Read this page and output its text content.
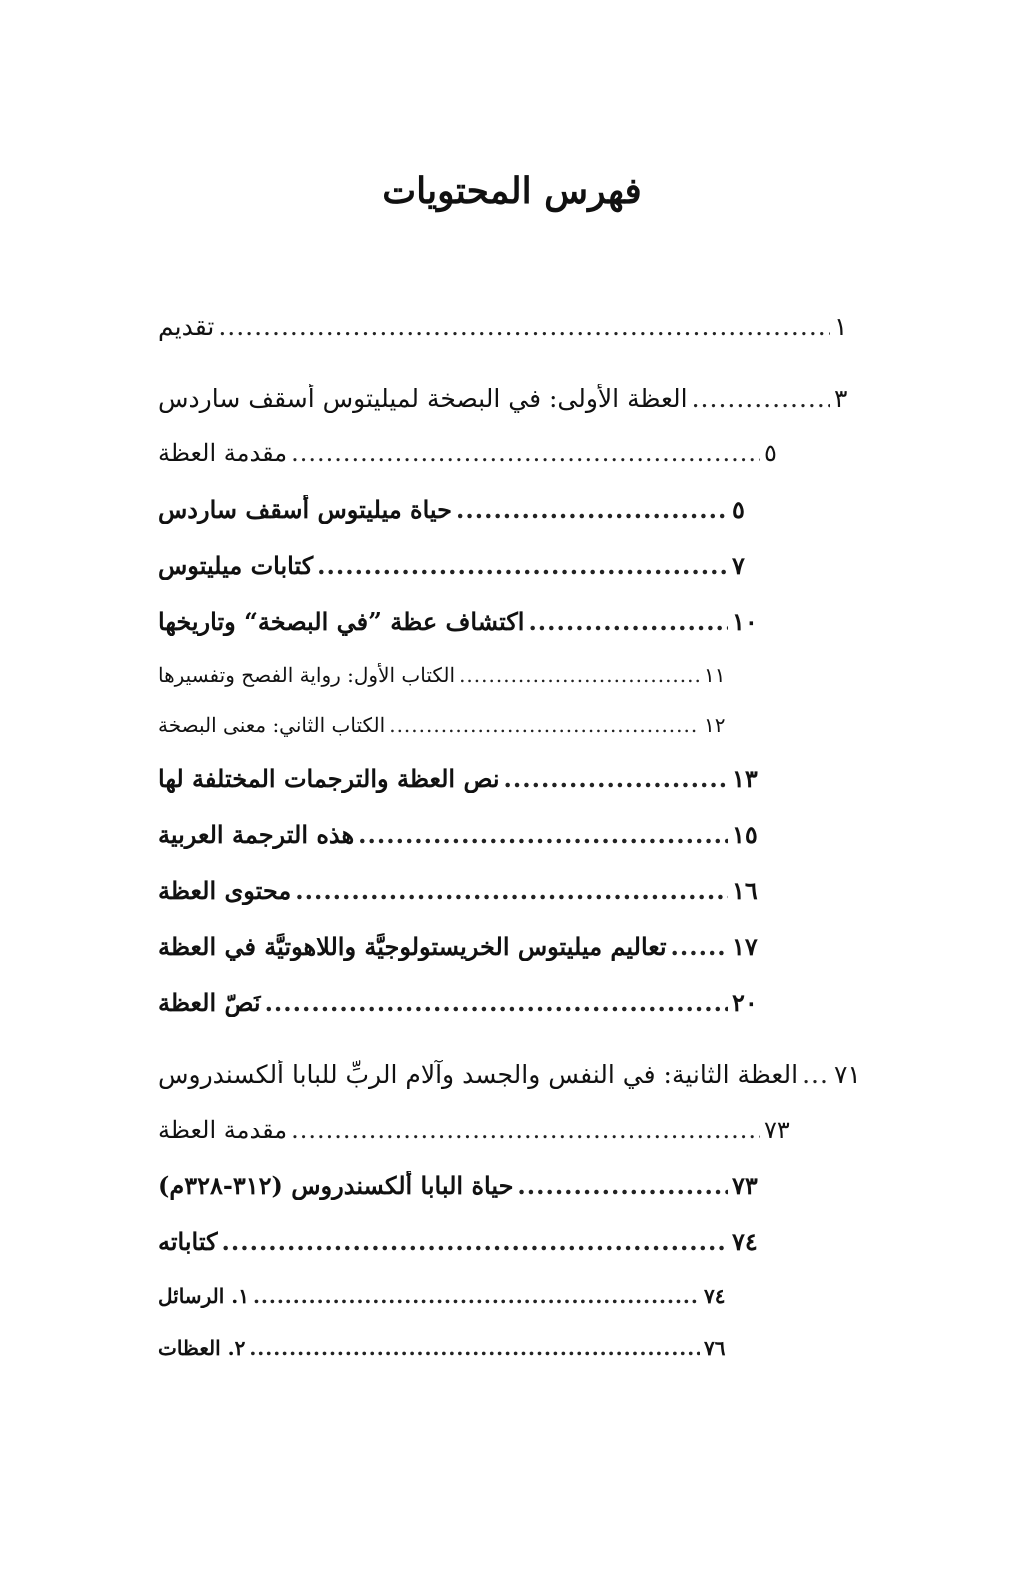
فهرس المحتويات
تقديم .....	١
العظة الأولى: في البصخة لميليتوس أسقف ساردس .....	٣
مقدمة العظة .....	٥
حياة ميليتوس أسقف ساردس .....	٥
كتابات ميليتوس .....	٧
اكتشاف عظة ”في البصخة“ وتاريخها .....	١٠
الكتاب الأول: رواية الفصح وتفسيرها .....	١١
الكتاب الثاني: معنى البصخة .....	١٢
نص العظة والترجمات المختلفة لها .....	١٣
هذه الترجمة العربية .....	١٥
محتوى العظة .....	١٦
تعاليم ميليتوس الخريستولوجيَّة واللاهوتيَّة في العظة .....	١٧
نَصّ العظة .....	٢٠
العظة الثانية: في النفس والجسد وآلام الربِّ للبابا ألكسندروس ..... ٧١
مقدمة العظة .....	٧٣
حياة البابا ألكسندروس (٣١٢-٣٢٨م) .....	٧٣
كتاباته .....	٧٤
١. الرسائل .....	٧٤
٢. العظات .....	٧٦
